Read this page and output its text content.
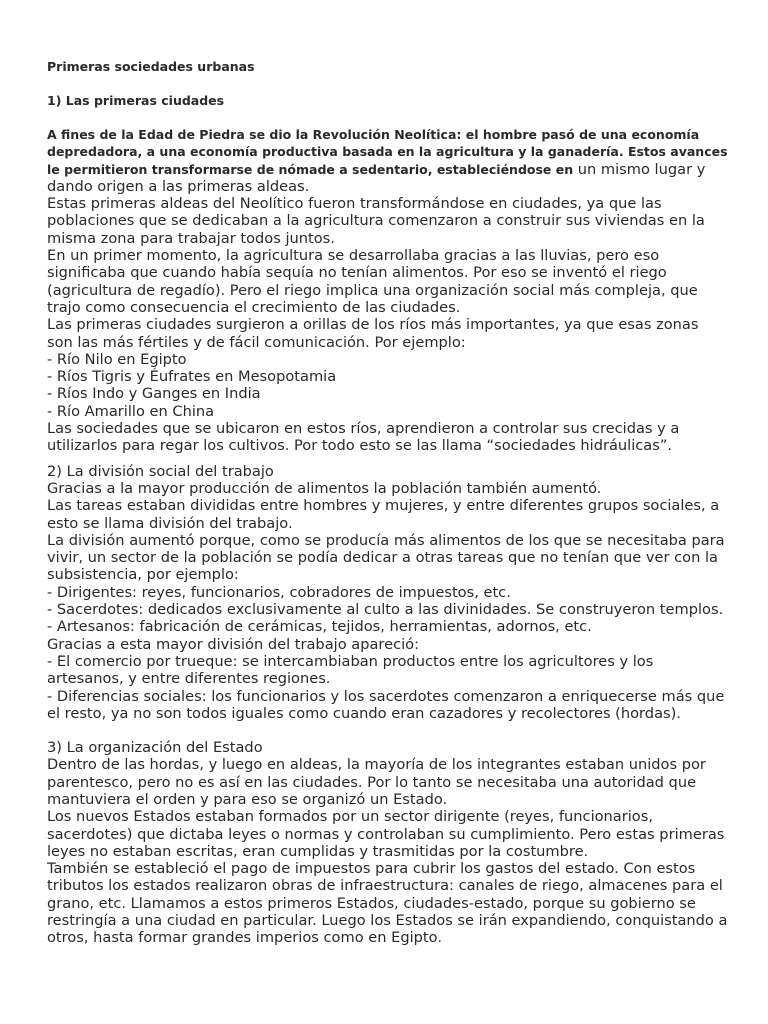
Primeras sociedades urbanas

1) Las primeras ciudades

A fines de la Edad de Piedra se dio la Revolución Neolítica: el hombre pasó de una economía depredadora, a una economía productiva basada en la agricultura y la ganadería. Estos avances le permitieron transformarse de nómade a sedentario, estableciéndose en un mismo lugar y dando origen a las primeras aldeas.

Estas primeras aldeas del Neolítico fueron transformándose en ciudades, ya que las poblaciones que se dedicaban a la agricultura comenzaron a construir sus viviendas en la misma zona para trabajar todos juntos.

En un primer momento, la agricultura se desarrollaba gracias a las lluvias, pero eso significaba que cuando había sequía no tenían alimentos. Por eso se inventó el riego (agricultura de regadío). Pero el riego implica una organización social más compleja, que trajo como consecuencia el crecimiento de las ciudades.

Las primeras ciudades surgieron a orillas de los ríos más importantes, ya que esas zonas son las más fértiles y de fácil comunicación. Por ejemplo:

- Río Nilo en Egipto

- Ríos Tigris y Éufrates en Mesopotamia

- Ríos Indo y Ganges en India

- Río Amarillo en China

Las sociedades que se ubicaron en estos ríos, aprendieron a controlar sus crecidas y a utilizarlos para regar los cultivos. Por todo esto se las llama “sociedades hidráulicas”.

2) La división social del trabajo

Gracias a la mayor producción de alimentos la población también aumentó.

Las tareas estaban divididas entre hombres y mujeres, y entre diferentes grupos sociales, a esto se llama división del trabajo.

La división aumentó porque, como se producía más alimentos de los que se necesitaba para vivir, un sector de la población se podía dedicar a otras tareas que no tenían que ver con la subsistencia, por ejemplo:

- Dirigentes: reyes, funcionarios, cobradores de impuestos, etc.

- Sacerdotes: dedicados exclusivamente al culto a las divinidades. Se construyeron templos.

- Artesanos: fabricación de cerámicas, tejidos, herramientas, adornos, etc.

Gracias a esta mayor división del trabajo apareció:

- El comercio por trueque: se intercambiaban productos entre los agricultores y los artesanos, y entre diferentes regiones.

- Diferencias sociales: los funcionarios y los sacerdotes comenzaron a enriquecerse más que el resto, ya no son todos iguales como cuando eran cazadores y recolectores (hordas).

3) La organización del Estado

Dentro de las hordas, y luego en aldeas, la mayoría de los integrantes estaban unidos por parentesco, pero no es así en las ciudades. Por lo tanto se necesitaba una autoridad que mantuviera el orden y para eso se organizó un Estado.

Los nuevos Estados estaban formados por un sector dirigente (reyes, funcionarios, sacerdotes) que dictaba leyes o normas y controlaban su cumplimiento. Pero estas primeras leyes no estaban escritas, eran cumplidas y trasmitidas por la costumbre.

También se estableció el pago de impuestos para cubrir los gastos del estado. Con estos tributos los estados realizaron obras de infraestructura: canales de riego, almacenes para el grano, etc. Llamamos a estos primeros Estados, ciudades-estado, porque su gobierno se restringía a una ciudad en particular. Luego los Estados se irán expandiendo, conquistando a otros, hasta formar grandes imperios como en Egipto.
